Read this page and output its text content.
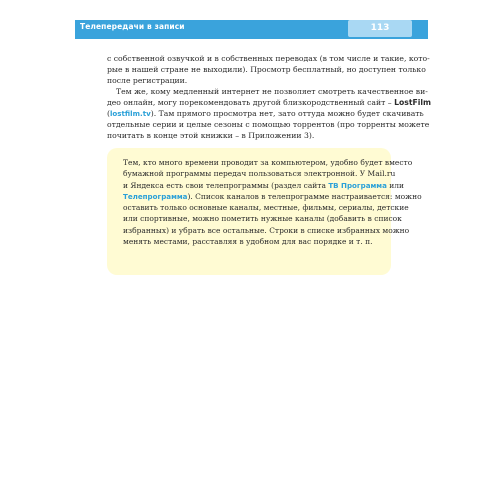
Телепередачи в записи	113

с собственной озвучкой и в собственных переводах (в том числе и такие, кото-
рые в нашей стране не выходили). Просмотр бесплатный, но доступен только
после регистрации.

Тем же, кому медленный интернет не позволяет смотреть качественное ви-
део онлайн, могу порекомендовать другой близкородственный сайт – LostFilm
(lostfilm.tv). Там прямого просмотра нет, зато оттуда можно будет скачивать
отдельные серии и целые сезоны с помощью торрентов (про торренты можете
почитать в конце этой книжки – в Приложении 3).

Тем, кто много времени проводит за компьютером, удобно будет вместо
бумажной программы передач пользоваться электронной. У Mail.ru
и Яндекса есть свои телепрограммы (раздел сайта ТВ Программа или
Телепрограмма). Список каналов в телепрограмме настраивается: можно
оставить только основные каналы, местные, фильмы, сериалы, детские
или спортивные, можно пометить нужные каналы (добавить в список
избранных) и убрать все остальные. Строки в списке избранных можно
менять местами, расставляя в удобном для вас порядке и т. п.
